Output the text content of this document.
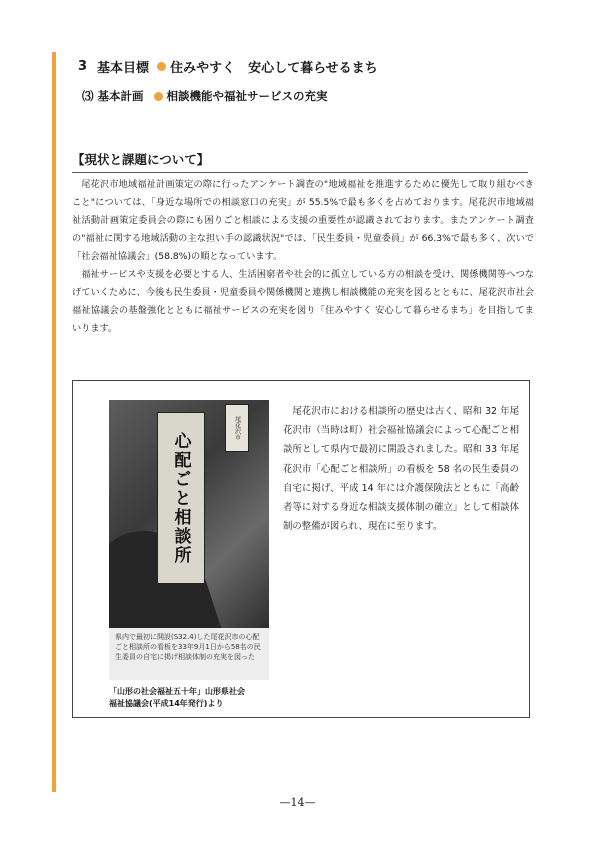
3 基本目標 住みやすく　安心して暮らせるまち
⑶ 基本計画 相談機能や福祉サービスの充実
【現状と課題について】

尾花沢市地域福祉計画策定の際に行ったアンケート調査の"地域福祉を推進するために優先して取り組むべきこと"については、「身近な場所での相談窓口の充実」が 55.5%で最も多くを占めております。尾花沢市地域福祉活動計画策定委員会の際にも困りごと相談による支援の重要性が認識されております。またアンケート調査の"福祉に関する地域活動の主な担い手の認識状況"では、「民生委員・児童委員」が 66.3%で最も多く、次いで「社会福祉協議会」(58.8%)の順となっています。

福祉サービスや支援を必要とする人、生活困窮者や社会的に孤立している方の相談を受け、関係機関等へつなげていくために、今後も民生委員・児童委員や関係機関と連携し相談機能の充実を図るとともに、尾花沢市社会福祉協議会の基盤強化とともに福祉サービスの充実を図り「住みやすく 安心して暮らせるまち」を目指してまいります。

心配ごと相談所
尾花沢市
県内で最初に開設(S32.4)した尾花沢市の心配ごと相談所の看板を33年9月1日から58名の民生委員の自宅に掲げ相談体制の充実を図った
「山形の社会福祉五十年」山形県社会
福祉協議会(平成14年発行)より
尾花沢市における相談所の歴史は古く、昭和 32 年尾花沢市（当時は町）社会福祉協議会によって心配ごと相談所として県内で最初に開設されました。昭和 33 年尾花沢市「心配ごと相談所」の看板を 58 名の民生委員の自宅に掲げ、平成 14 年には介護保険法とともに「高齢者等に対する身近な相談支援体制の確立」として相談体制の整備が図られ、現在に至ります。
—14—
